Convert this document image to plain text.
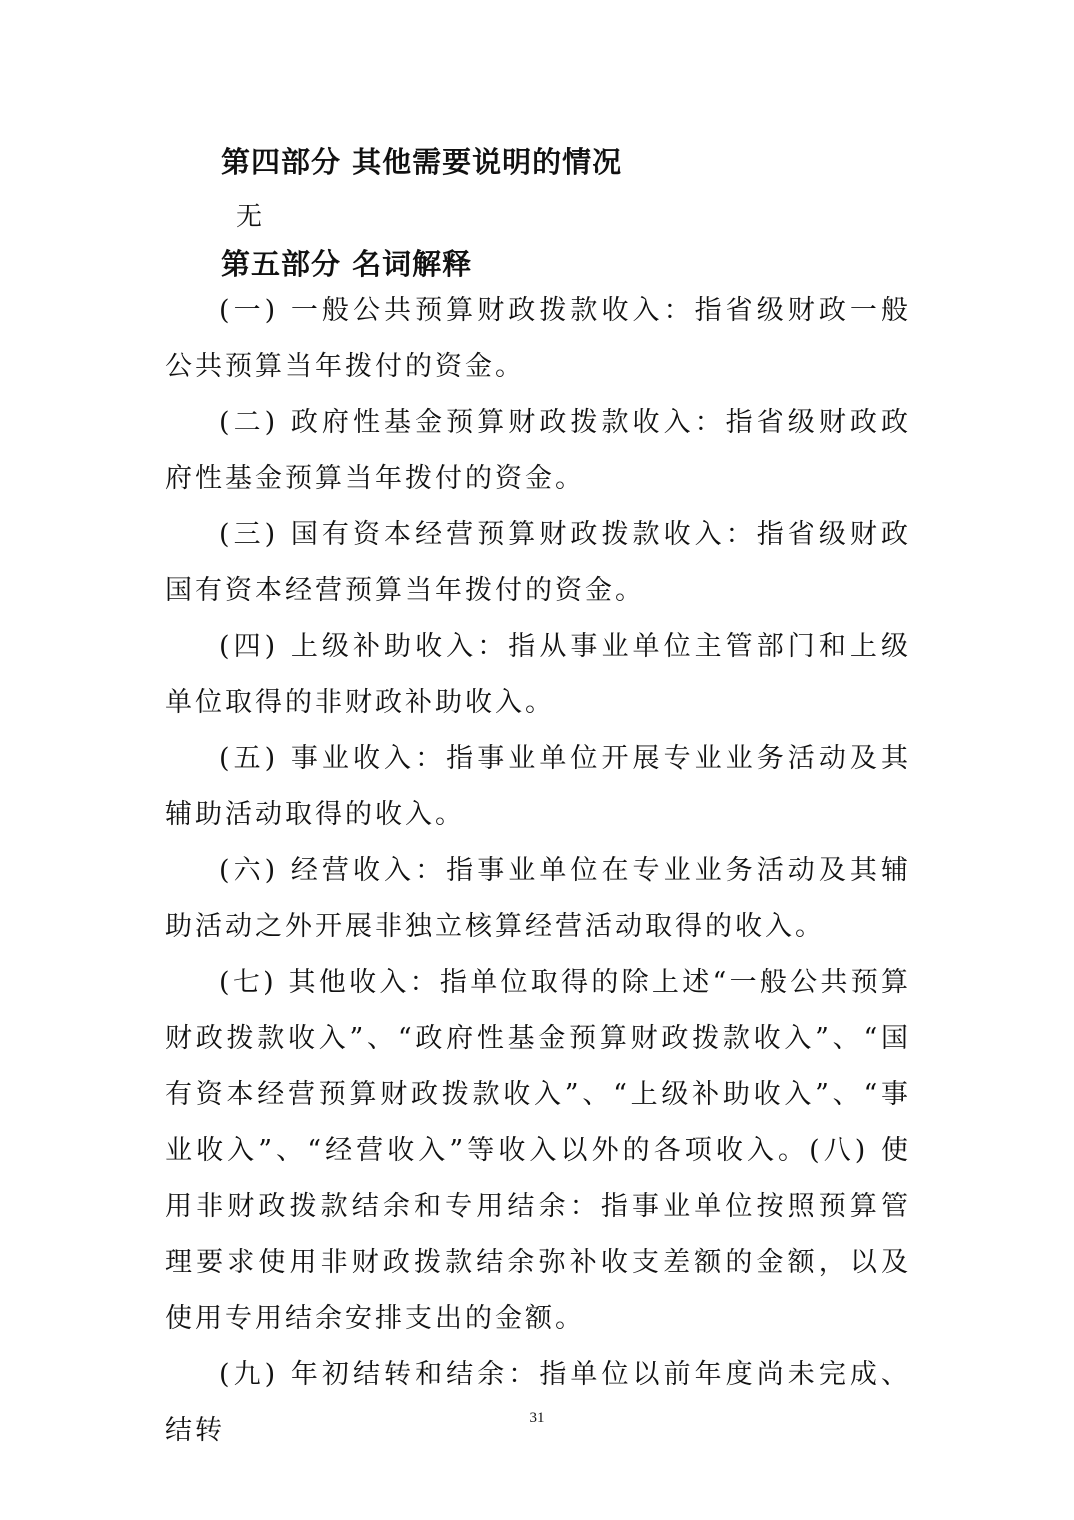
第四部分 其他需要说明的情况
无
第五部分 名词解释

(一) 一般公共预算财政拨款收入：指省级财政一般公共预算当年拨付的资金。

(二) 政府性基金预算财政拨款收入：指省级财政政府性基金预算当年拨付的资金。

(三) 国有资本经营预算财政拨款收入：指省级财政国有资本经营预算当年拨付的资金。

(四) 上级补助收入：指从事业单位主管部门和上级单位取得的非财政补助收入。

(五) 事业收入：指事业单位开展专业业务活动及其辅助活动取得的收入。

(六) 经营收入：指事业单位在专业业务活动及其辅助活动之外开展非独立核算经营活动取得的收入。

(七) 其他收入：指单位取得的除上述“一般公共预算财政拨款收入”、“政府性基金预算财政拨款收入”、“国有资本经营预算财政拨款收入”、“上级补助收入”、“事业收入”、“经营收入”等收入以外的各项收入。(八) 使用非财政拨款结余和专用结余：指事业单位按照预算管理要求使用非财政拨款结余弥补收支差额的金额，以及使用专用结余安排支出的金额。

(九) 年初结转和结余：指单位以前年度尚未完成、结转	31
